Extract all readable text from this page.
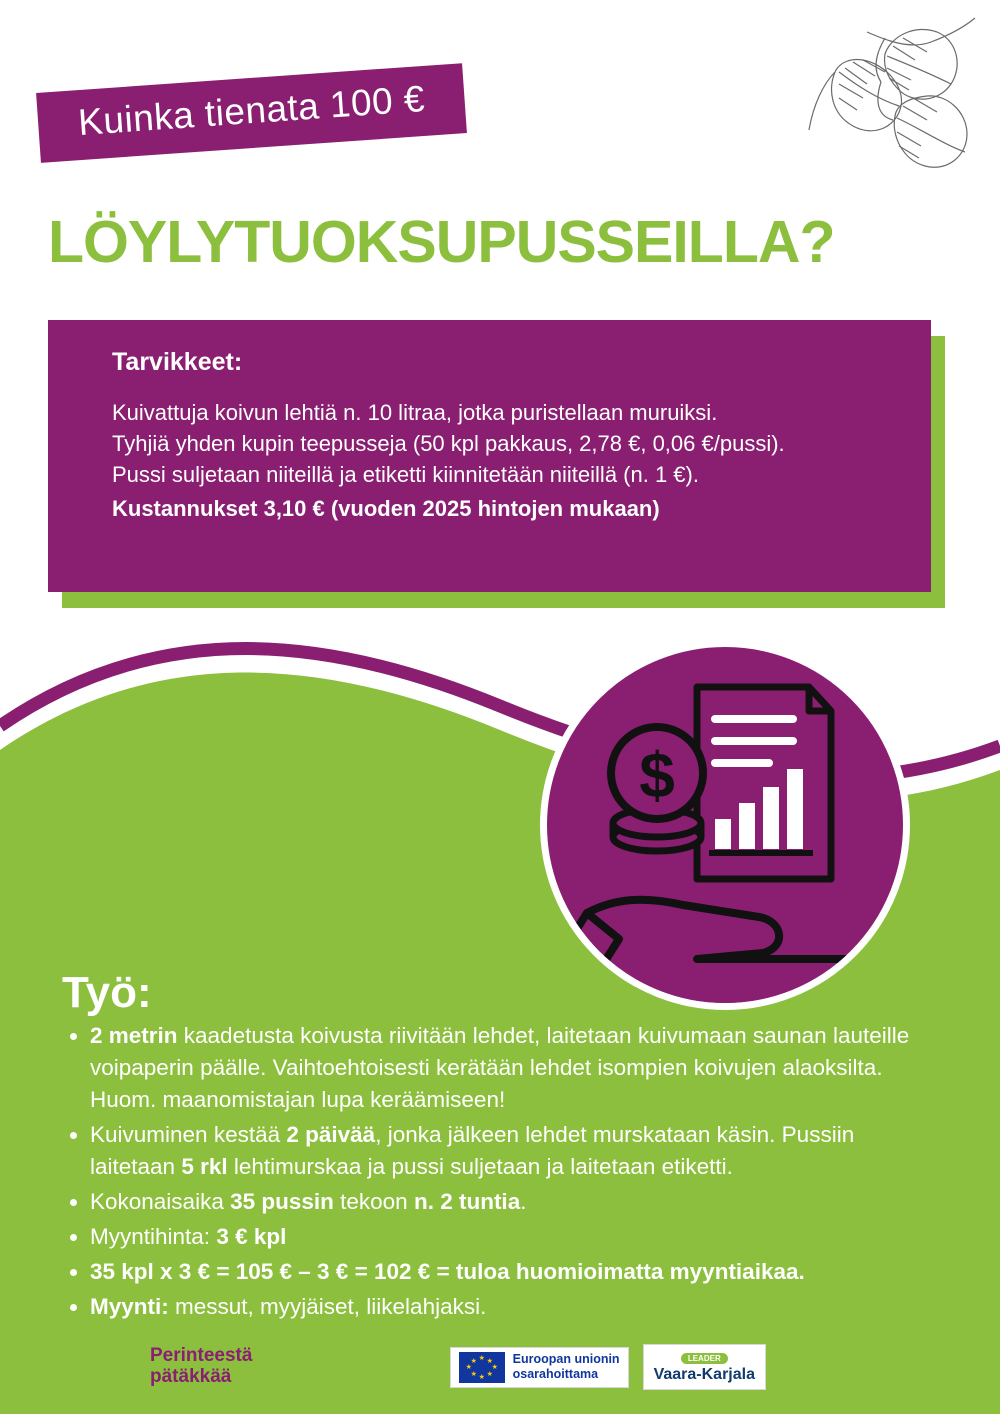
Kuinka tienata 100 €
LÖYLYTUOKSUPUSSEILLA?
Tarvikkeet:

Kuivattuja koivun lehtiä n. 10 litraa, jotka puristellaan muruiksi.

Tyhjiä yhden kupin teepusseja (50 kpl pakkaus, 2,78 €, 0,06 €/pussi).

Pussi suljetaan niiteillä ja etiketti kiinnitetään niiteillä (n. 1 €).

Kustannukset 3,10 € (vuoden 2025 hintojen mukaan)

$
Työ:
• 2 metrin kaadetusta koivusta riivitään lehdet, laitetaan kuivumaan saunan lauteille voipaperin päälle. Vaihtoehtoisesti kerätään lehdet isompien koivujen alaoksilta. Huom. maanomistajan lupa keräämiseen!
• Kuivuminen kestää 2 päivää, jonka jälkeen lehdet murskataan käsin. Pussiin laitetaan 5 rkl lehtimurskaa ja pussi suljetaan ja laitetaan etiketti.
• Kokonaisaika 35 pussin tekoon n. 2 tuntia.
• Myyntihinta: 3 € kpl
• 35 kpl x 3 € = 105 € – 3 € = 102 € = tuloa huomioimatta myyntiaikaa.
• Myynti: messut, myyjäiset, liikelahjaksi.
Perinteestä
pätäkkää 4H Pielinen	★ ★
★
★
★
★
★
★	Euroopan unionin
osarahoittama
LEADER
Vaara-Karjala
